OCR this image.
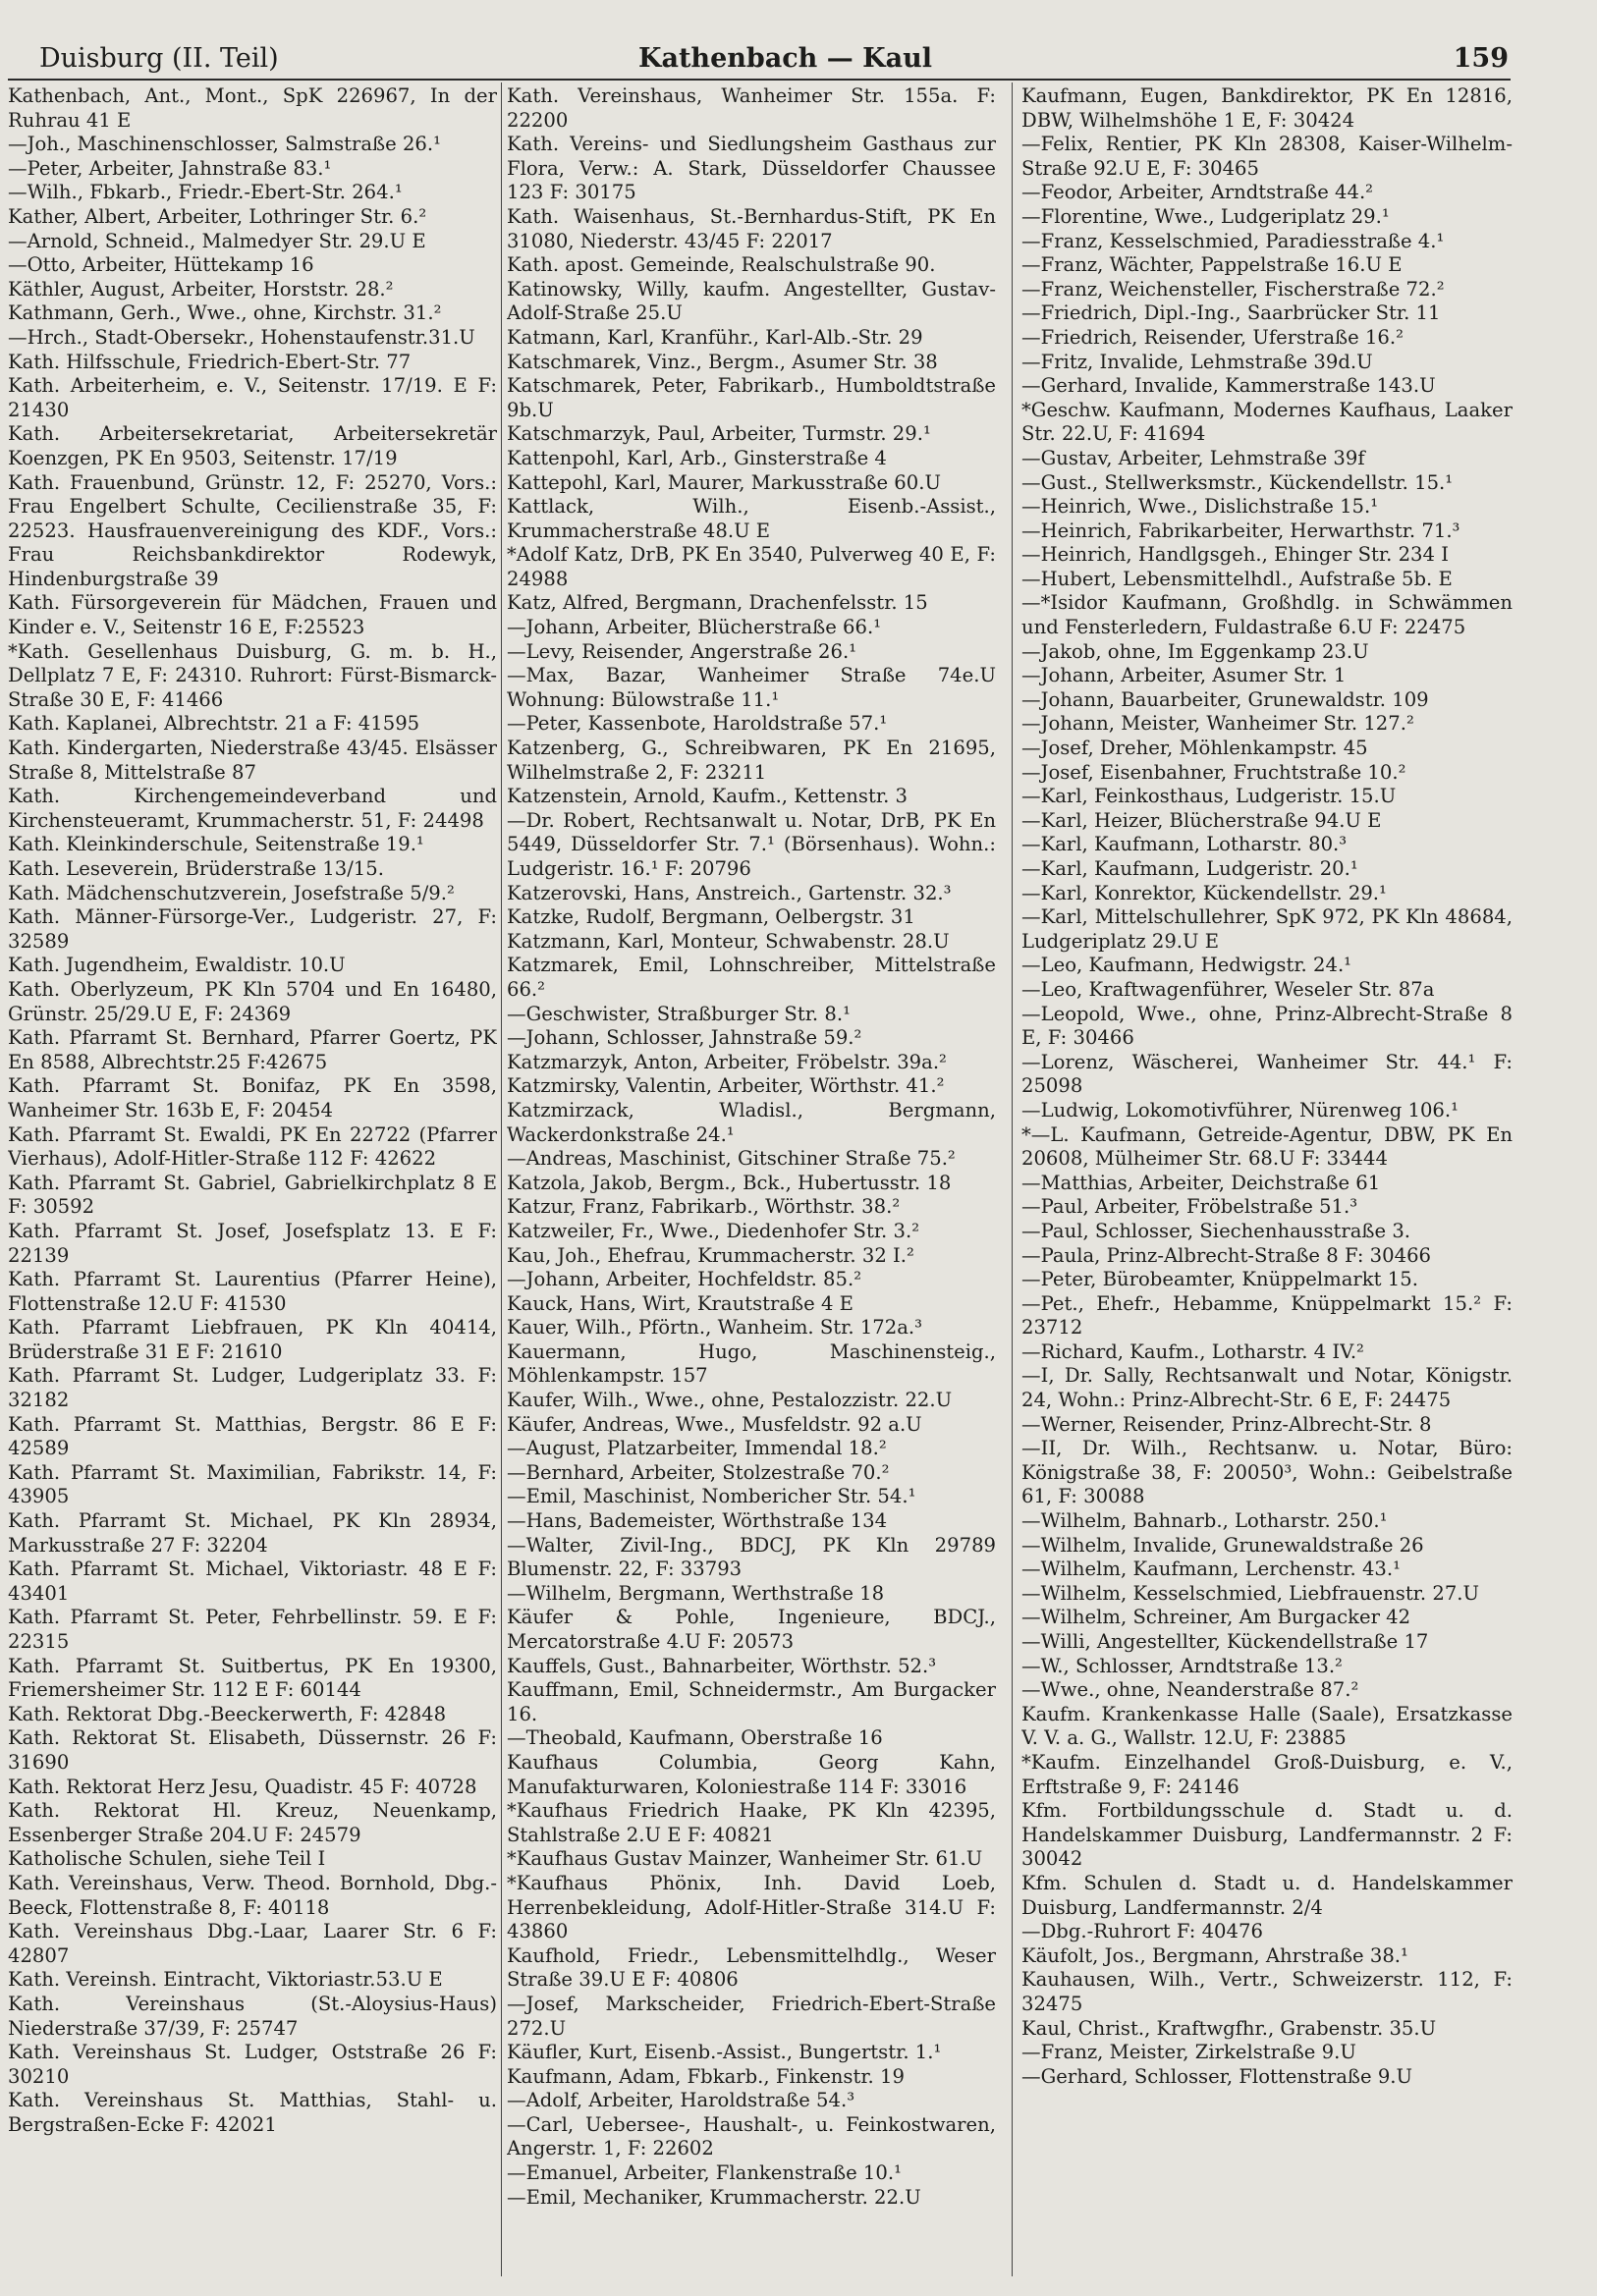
Duisburg (II. Teil)	Kathenbach — Kaul	159

Kathenbach, Ant., Mont., SpK 226967, In der Ruhrau 41 E

—Joh., Maschinenschlosser, Salmstraße 26.¹

—Peter, Arbeiter, Jahnstraße 83.¹

—Wilh., Fbkarb., Friedr.-Ebert-Str. 264.¹

Kather, Albert, Arbeiter, Lothringer Str. 6.²

—Arnold, Schneid., Malmedyer Str. 29.U E

—Otto, Arbeiter, Hüttekamp 16

Käthler, August, Arbeiter, Horststr. 28.²

Kathmann, Gerh., Wwe., ohne, Kirchstr. 31.²

—Hrch., Stadt-Obersekr., Hohenstaufenstr.31.U

Kath. Hilfsschule, Friedrich-Ebert-Str. 77

Kath. Arbeiterheim, e. V., Seitenstr. 17/19. E F: 21430

Kath. Arbeitersekretariat, Arbeitersekretär Koenzgen, PK En 9503, Seitenstr. 17/19

Kath. Frauenbund, Grünstr. 12, F: 25270, Vors.: Frau Engelbert Schulte, Cecilienstraße 35, F: 22523. Hausfrauenvereinigung des KDF., Vors.: Frau Reichsbankdirektor Rodewyk, Hindenburgstraße 39

Kath. Fürsorgeverein für Mädchen, Frauen und Kinder e. V., Seitenstr 16 E, F:25523

*Kath. Gesellenhaus Duisburg, G. m. b. H., Dellplatz 7 E, F: 24310. Ruhrort: Fürst-Bismarck-Straße 30 E, F: 41466

Kath. Kaplanei, Albrechtstr. 21 a F: 41595

Kath. Kindergarten, Niederstraße 43/45. Elsässer Straße 8, Mittelstraße 87

Kath. Kirchengemeindeverband und Kirchensteueramt, Krummacherstr. 51, F: 24498

Kath. Kleinkinderschule, Seitenstraße 19.¹

Kath. Leseverein, Brüderstraße 13/15.

Kath. Mädchenschutzverein, Josefstraße 5/9.²

Kath. Männer-Fürsorge-Ver., Ludgeristr. 27, F: 32589

Kath. Jugendheim, Ewaldistr. 10.U

Kath. Oberlyzeum, PK Kln 5704 und En 16480, Grünstr. 25/29.U E, F: 24369

Kath. Pfarramt St. Bernhard, Pfarrer Goertz, PK En 8588, Albrechtstr.25 F:42675

Kath. Pfarramt St. Bonifaz, PK En 3598, Wanheimer Str. 163b E, F: 20454

Kath. Pfarramt St. Ewaldi, PK En 22722 (Pfarrer Vierhaus), Adolf-Hitler-Straße 112 F: 42622

Kath. Pfarramt St. Gabriel, Gabrielkirchplatz 8 E F: 30592

Kath. Pfarramt St. Josef, Josefsplatz 13. E F: 22139

Kath. Pfarramt St. Laurentius (Pfarrer Heine), Flottenstraße 12.U F: 41530

Kath. Pfarramt Liebfrauen, PK Kln 40414, Brüderstraße 31 E F: 21610

Kath. Pfarramt St. Ludger, Ludgeriplatz 33. F: 32182

Kath. Pfarramt St. Matthias, Bergstr. 86 E F: 42589

Kath. Pfarramt St. Maximilian, Fabrikstr. 14, F: 43905

Kath. Pfarramt St. Michael, PK Kln 28934, Markusstraße 27 F: 32204

Kath. Pfarramt St. Michael, Viktoriastr. 48 E F: 43401

Kath. Pfarramt St. Peter, Fehrbellinstr. 59. E F: 22315

Kath. Pfarramt St. Suitbertus, PK En 19300, Friemersheimer Str. 112 E F: 60144

Kath. Rektorat Dbg.-Beeckerwerth, F: 42848

Kath. Rektorat St. Elisabeth, Düssernstr. 26 F: 31690

Kath. Rektorat Herz Jesu, Quadistr. 45 F: 40728

Kath. Rektorat Hl. Kreuz, Neuenkamp, Essenberger Straße 204.U F: 24579

Katholische Schulen, siehe Teil I

Kath. Vereinshaus, Verw. Theod. Bornhold, Dbg.-Beeck, Flottenstraße 8, F: 40118

Kath. Vereinshaus Dbg.-Laar, Laarer Str. 6 F: 42807

Kath. Vereinsh. Eintracht, Viktoriastr.53.U E

Kath. Vereinshaus (St.-Aloysius-Haus) Niederstraße 37/39, F: 25747

Kath. Vereinshaus St. Ludger, Oststraße 26 F: 30210

Kath. Vereinshaus St. Matthias, Stahl- u. Bergstraßen-Ecke F: 42021

Kath. Vereinshaus, Wanheimer Str. 155a. F: 22200

Kath. Vereins- und Siedlungsheim Gasthaus zur Flora, Verw.: A. Stark, Düsseldorfer Chaussee 123 F: 30175

Kath. Waisenhaus, St.-Bernhardus-Stift, PK En 31080, Niederstr. 43/45 F: 22017

Kath. apost. Gemeinde, Realschulstraße 90.

Katinowsky, Willy, kaufm. Angestellter, Gustav-Adolf-Straße 25.U

Katmann, Karl, Kranführ., Karl-Alb.-Str. 29

Katschmarek, Vinz., Bergm., Asumer Str. 38

Katschmarek, Peter, Fabrikarb., Humboldtstraße 9b.U

Katschmarzyk, Paul, Arbeiter, Turmstr. 29.¹

Kattenpohl, Karl, Arb., Ginsterstraße 4

Kattepohl, Karl, Maurer, Markusstraße 60.U

Kattlack, Wilh., Eisenb.-Assist., Krummacherstraße 48.U E

*Adolf Katz, DrB, PK En 3540, Pulverweg 40 E, F: 24988

Katz, Alfred, Bergmann, Drachenfelsstr. 15

—Johann, Arbeiter, Blücherstraße 66.¹

—Levy, Reisender, Angerstraße 26.¹

—Max, Bazar, Wanheimer Straße 74e.U Wohnung: Bülowstraße 11.¹

—Peter, Kassenbote, Haroldstraße 57.¹

Katzenberg, G., Schreibwaren, PK En 21695, Wilhelmstraße 2, F: 23211

Katzenstein, Arnold, Kaufm., Kettenstr. 3

—Dr. Robert, Rechtsanwalt u. Notar, DrB, PK En 5449, Düsseldorfer Str. 7.¹ (Börsenhaus). Wohn.: Ludgeristr. 16.¹ F: 20796

Katzerovski, Hans, Anstreich., Gartenstr. 32.³

Katzke, Rudolf, Bergmann, Oelbergstr. 31

Katzmann, Karl, Monteur, Schwabenstr. 28.U

Katzmarek, Emil, Lohnschreiber, Mittelstraße 66.²

—Geschwister, Straßburger Str. 8.¹

—Johann, Schlosser, Jahnstraße 59.²

Katzmarzyk, Anton, Arbeiter, Fröbelstr. 39a.²

Katzmirsky, Valentin, Arbeiter, Wörthstr. 41.²

Katzmirzack, Wladisl., Bergmann, Wackerdonkstraße 24.¹

—Andreas, Maschinist, Gitschiner Straße 75.²

Katzola, Jakob, Bergm., Bck., Hubertusstr. 18

Katzur, Franz, Fabrikarb., Wörthstr. 38.²

Katzweiler, Fr., Wwe., Diedenhofer Str. 3.²

Kau, Joh., Ehefrau, Krummacherstr. 32 I.²

—Johann, Arbeiter, Hochfeldstr. 85.²

Kauck, Hans, Wirt, Krautstraße 4 E

Kauer, Wilh., Pförtn., Wanheim. Str. 172a.³

Kauermann, Hugo, Maschinensteig., Möhlenkampstr. 157

Kaufer, Wilh., Wwe., ohne, Pestalozzistr. 22.U

Käufer, Andreas, Wwe., Musfeldstr. 92 a.U

—August, Platzarbeiter, Immendal 18.²

—Bernhard, Arbeiter, Stolzestraße 70.²

—Emil, Maschinist, Nombericher Str. 54.¹

—Hans, Bademeister, Wörthstraße 134

—Walter, Zivil-Ing., BDCJ, PK Kln 29789 Blumenstr. 22, F: 33793

—Wilhelm, Bergmann, Werthstraße 18

Käufer & Pohle, Ingenieure, BDCJ., Mercatorstraße 4.U F: 20573

Kauffels, Gust., Bahnarbeiter, Wörthstr. 52.³

Kauffmann, Emil, Schneidermstr., Am Burgacker 16.

—Theobald, Kaufmann, Oberstraße 16

Kaufhaus Columbia, Georg Kahn, Manufakturwaren, Koloniestraße 114 F: 33016

*Kaufhaus Friedrich Haake, PK Kln 42395, Stahlstraße 2.U E F: 40821

*Kaufhaus Gustav Mainzer, Wanheimer Str. 61.U

*Kaufhaus Phönix, Inh. David Loeb, Herrenbekleidung, Adolf-Hitler-Straße 314.U F: 43860

Kaufhold, Friedr., Lebensmittelhdlg., Weser Straße 39.U E F: 40806

—Josef, Markscheider, Friedrich-Ebert-Straße 272.U

Käufler, Kurt, Eisenb.-Assist., Bungertstr. 1.¹

Kaufmann, Adam, Fbkarb., Finkenstr. 19

—Adolf, Arbeiter, Haroldstraße 54.³

—Carl, Uebersee-, Haushalt-, u. Feinkostwaren, Angerstr. 1, F: 22602

—Emanuel, Arbeiter, Flankenstraße 10.¹

—Emil, Mechaniker, Krummacherstr. 22.U

Kaufmann, Eugen, Bankdirektor, PK En 12816, DBW, Wilhelmshöhe 1 E, F: 30424

—Felix, Rentier, PK Kln 28308, Kaiser-Wilhelm-Straße 92.U E, F: 30465

—Feodor, Arbeiter, Arndtstraße 44.²

—Florentine, Wwe., Ludgeriplatz 29.¹

—Franz, Kesselschmied, Paradiesstraße 4.¹

—Franz, Wächter, Pappelstraße 16.U E

—Franz, Weichensteller, Fischerstraße 72.²

—Friedrich, Dipl.-Ing., Saarbrücker Str. 11

—Friedrich, Reisender, Uferstraße 16.²

—Fritz, Invalide, Lehmstraße 39d.U

—Gerhard, Invalide, Kammerstraße 143.U

*Geschw. Kaufmann, Modernes Kaufhaus, Laaker Str. 22.U, F: 41694

—Gustav, Arbeiter, Lehmstraße 39f

—Gust., Stellwerksmstr., Kückendellstr. 15.¹

—Heinrich, Wwe., Dislichstraße 15.¹

—Heinrich, Fabrikarbeiter, Herwarthstr. 71.³

—Heinrich, Handlgsgeh., Ehinger Str. 234 I

—Hubert, Lebensmittelhdl., Aufstraße 5b. E

—*Isidor Kaufmann, Großhdlg. in Schwämmen und Fensterledern, Fuldastraße 6.U F: 22475

—Jakob, ohne, Im Eggenkamp 23.U

—Johann, Arbeiter, Asumer Str. 1

—Johann, Bauarbeiter, Grunewaldstr. 109

—Johann, Meister, Wanheimer Str. 127.²

—Josef, Dreher, Möhlenkampstr. 45

—Josef, Eisenbahner, Fruchtstraße 10.²

—Karl, Feinkosthaus, Ludgeristr. 15.U

—Karl, Heizer, Blücherstraße 94.U E

—Karl, Kaufmann, Lotharstr. 80.³

—Karl, Kaufmann, Ludgeristr. 20.¹

—Karl, Konrektor, Kückendellstr. 29.¹

—Karl, Mittelschullehrer, SpK 972, PK Kln 48684, Ludgeriplatz 29.U E

—Leo, Kaufmann, Hedwigstr. 24.¹

—Leo, Kraftwagenführer, Weseler Str. 87a

—Leopold, Wwe., ohne, Prinz-Albrecht-Straße 8 E, F: 30466

—Lorenz, Wäscherei, Wanheimer Str. 44.¹ F: 25098

—Ludwig, Lokomotivführer, Nürenweg 106.¹

*—L. Kaufmann, Getreide-Agentur, DBW, PK En 20608, Mülheimer Str. 68.U F: 33444

—Matthias, Arbeiter, Deichstraße 61

—Paul, Arbeiter, Fröbelstraße 51.³

—Paul, Schlosser, Siechenhausstraße 3.

—Paula, Prinz-Albrecht-Straße 8 F: 30466

—Peter, Bürobeamter, Knüppelmarkt 15.

—Pet., Ehefr., Hebamme, Knüppelmarkt 15.² F: 23712

—Richard, Kaufm., Lotharstr. 4 IV.²

—I, Dr. Sally, Rechtsanwalt und Notar, Königstr. 24, Wohn.: Prinz-Albrecht-Str. 6 E, F: 24475

—Werner, Reisender, Prinz-Albrecht-Str. 8

—II, Dr. Wilh., Rechtsanw. u. Notar, Büro: Königstraße 38, F: 20050³, Wohn.: Geibelstraße 61, F: 30088

—Wilhelm, Bahnarb., Lotharstr. 250.¹

—Wilhelm, Invalide, Grunewaldstraße 26

—Wilhelm, Kaufmann, Lerchenstr. 43.¹

—Wilhelm, Kesselschmied, Liebfrauenstr. 27.U

—Wilhelm, Schreiner, Am Burgacker 42

—Willi, Angestellter, Kückendellstraße 17

—W., Schlosser, Arndtstraße 13.²

—Wwe., ohne, Neanderstraße 87.²

Kaufm. Krankenkasse Halle (Saale), Ersatzkasse V. V. a. G., Wallstr. 12.U, F: 23885

*Kaufm. Einzelhandel Groß-Duisburg, e. V., Erftstraße 9, F: 24146

Kfm. Fortbildungsschule d. Stadt u. d. Handelskammer Duisburg, Landfermannstr. 2 F: 30042

Kfm. Schulen d. Stadt u. d. Handelskammer Duisburg, Landfermannstr. 2/4

—Dbg.-Ruhrort F: 40476

Käufolt, Jos., Bergmann, Ahrstraße 38.¹

Kauhausen, Wilh., Vertr., Schweizerstr. 112, F: 32475

Kaul, Christ., Kraftwgfhr., Grabenstr. 35.U

—Franz, Meister, Zirkelstraße 9.U

—Gerhard, Schlosser, Flottenstraße 9.U
